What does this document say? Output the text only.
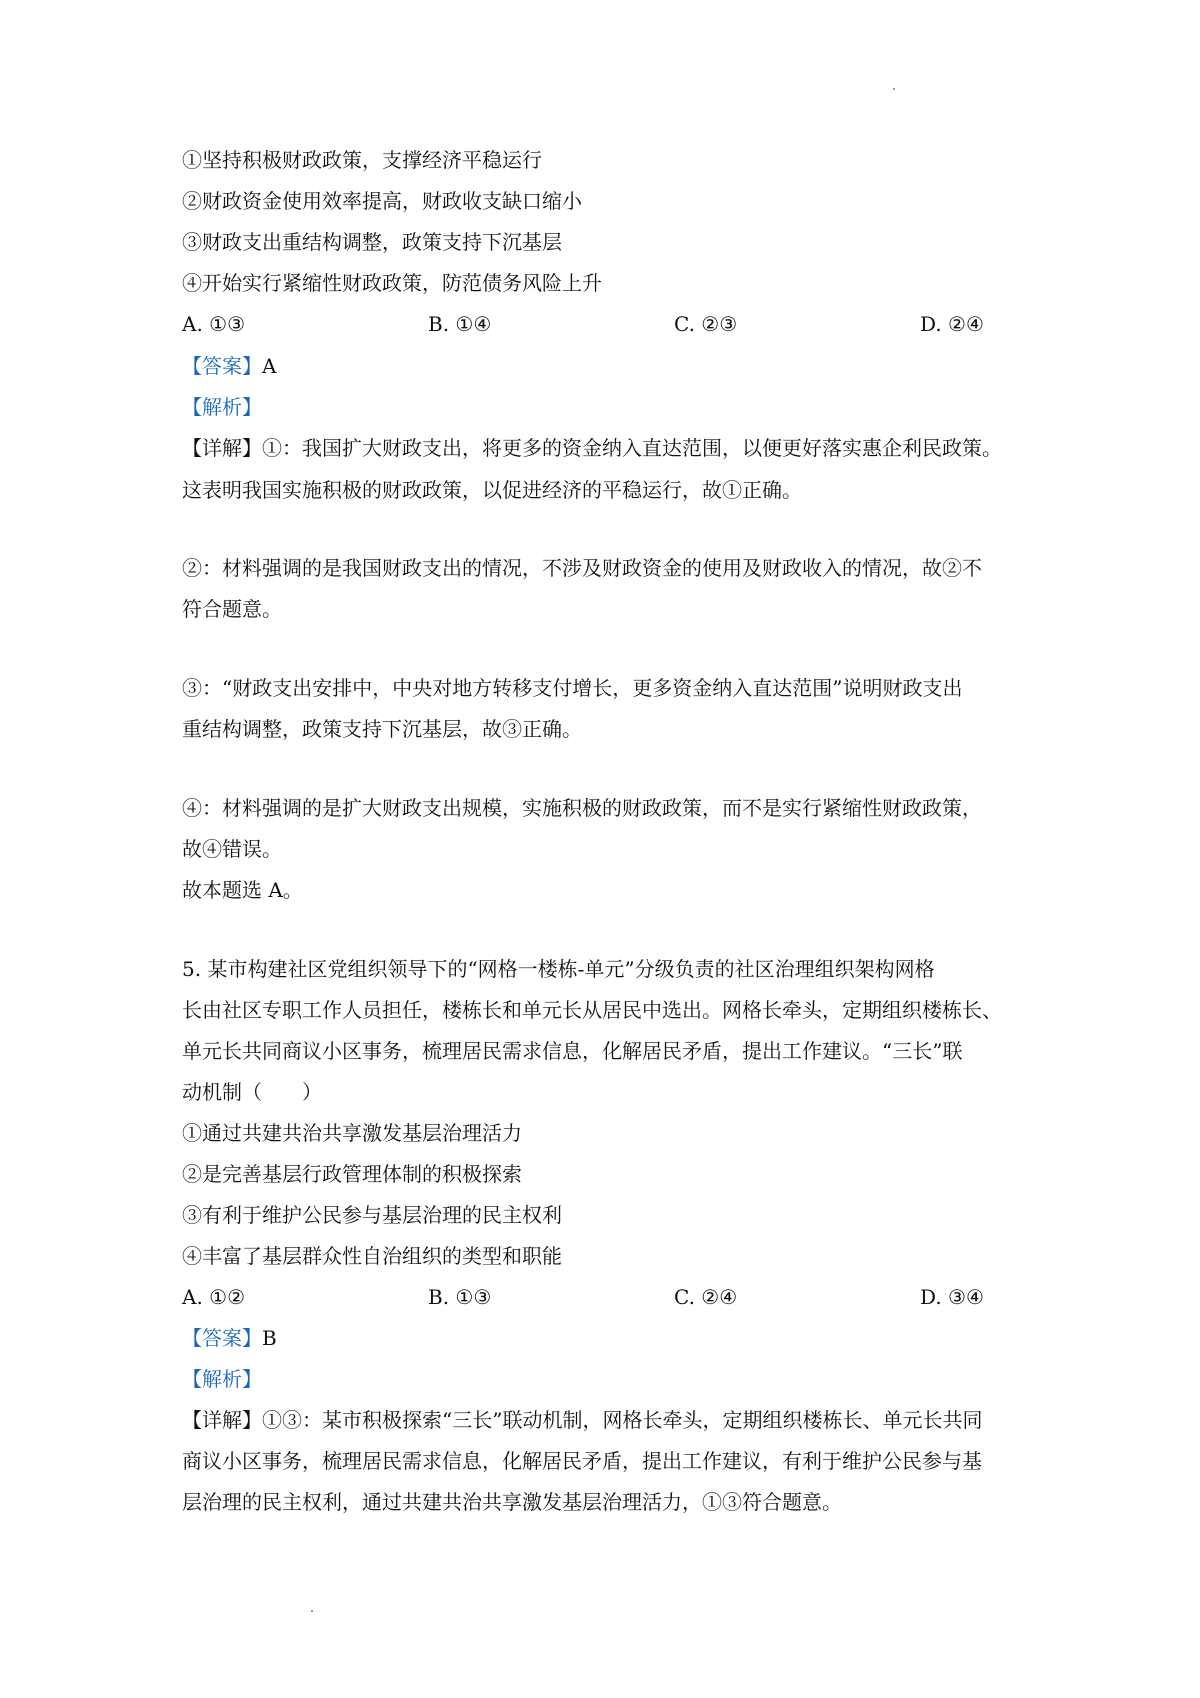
①坚持积极财政政策，支撑经济平稳运行
②财政资金使用效率提高，财政收支缺口缩小
③财政支出重结构调整，政策支持下沉基层
④开始实行紧缩性财政政策，防范债务风险上升
A. ①③	B. ①④	C. ②③	D. ②④
【答案】A
【解析】
【详解】①：我国扩大财政支出，将更多的资金纳入直达范围，以便更好落实惠企利民政策。
这表明我国实施积极的财政政策，以促进经济的平稳运行，故①正确。
②：材料强调的是我国财政支出的情况，不涉及财政资金的使用及财政收入的情况，故②不
符合题意。
③：“财政支出安排中，中央对地方转移支付增长，更多资金纳入直达范围”说明财政支出
重结构调整，政策支持下沉基层，故③正确。
④：材料强调的是扩大财政支出规模，实施积极的财政政策，而不是实行紧缩性财政政策，
故④错误。
故本题选 A。
5. 某市构建社区党组织领导下的“网格一楼栋-单元”分级负责的社区治理组织架构网格
长由社区专职工作人员担任，楼栋长和单元长从居民中选出。网格长牵头，定期组织楼栋长、
单元长共同商议小区事务，梳理居民需求信息，化解居民矛盾，提出工作建议。“三长”联
动机制（　　）
①通过共建共治共享激发基层治理活力
②是完善基层行政管理体制的积极探索
③有利于维护公民参与基层治理的民主权利
④丰富了基层群众性自治组织的类型和职能
A. ①②	B. ①③	C. ②④	D. ③④
【答案】B
【解析】
【详解】①③：某市积极探索“三长”联动机制，网格长牵头，定期组织楼栋长、单元长共同
商议小区事务，梳理居民需求信息，化解居民矛盾，提出工作建议，有利于维护公民参与基
层治理的民主权利，通过共建共治共享激发基层治理活力，①③符合题意。
